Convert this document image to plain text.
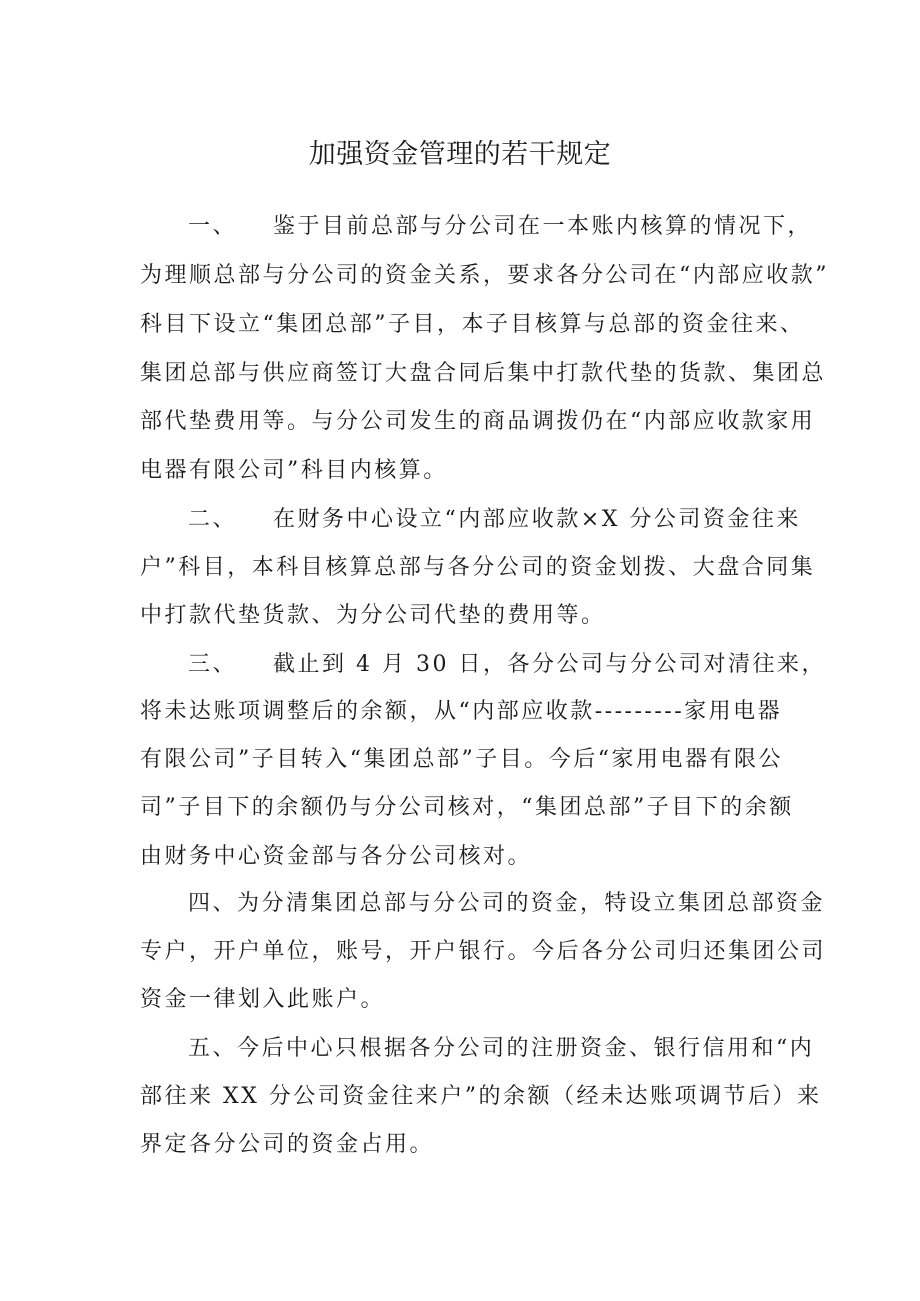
加强资金管理的若干规定

一、 鉴于目前总部与分公司在一本账内核算的情况下，

为理顺总部与分公司的资金关系，要求各分公司在“内部应收款”

科目下设立“集团总部”子目，本子目核算与总部的资金往来、

集团总部与供应商签订大盘合同后集中打款代垫的货款、集团总

部代垫费用等。与分公司发生的商品调拨仍在“内部应收款家用

电器有限公司”科目内核算。

二、 在财务中心设立“内部应收款×X 分公司资金往来

户”科目，本科目核算总部与各分公司的资金划拨、大盘合同集

中打款代垫货款、为分公司代垫的费用等。

三、 截止到 4 月 30 日，各分公司与分公司对清往来，

将未达账项调整后的余额，从“内部应收款---------家用电器

有限公司”子目转入“集团总部”子目。今后“家用电器有限公

司”子目下的余额仍与分公司核对，“集团总部”子目下的余额

由财务中心资金部与各分公司核对。

四、为分清集团总部与分公司的资金，特设立集团总部资金

专户，开户单位，账号，开户银行。今后各分公司归还集团公司

资金一律划入此账户。

五、今后中心只根据各分公司的注册资金、银行信用和“内

部往来 XX 分公司资金往来户”的余额（经未达账项调节后）来

界定各分公司的资金占用。
